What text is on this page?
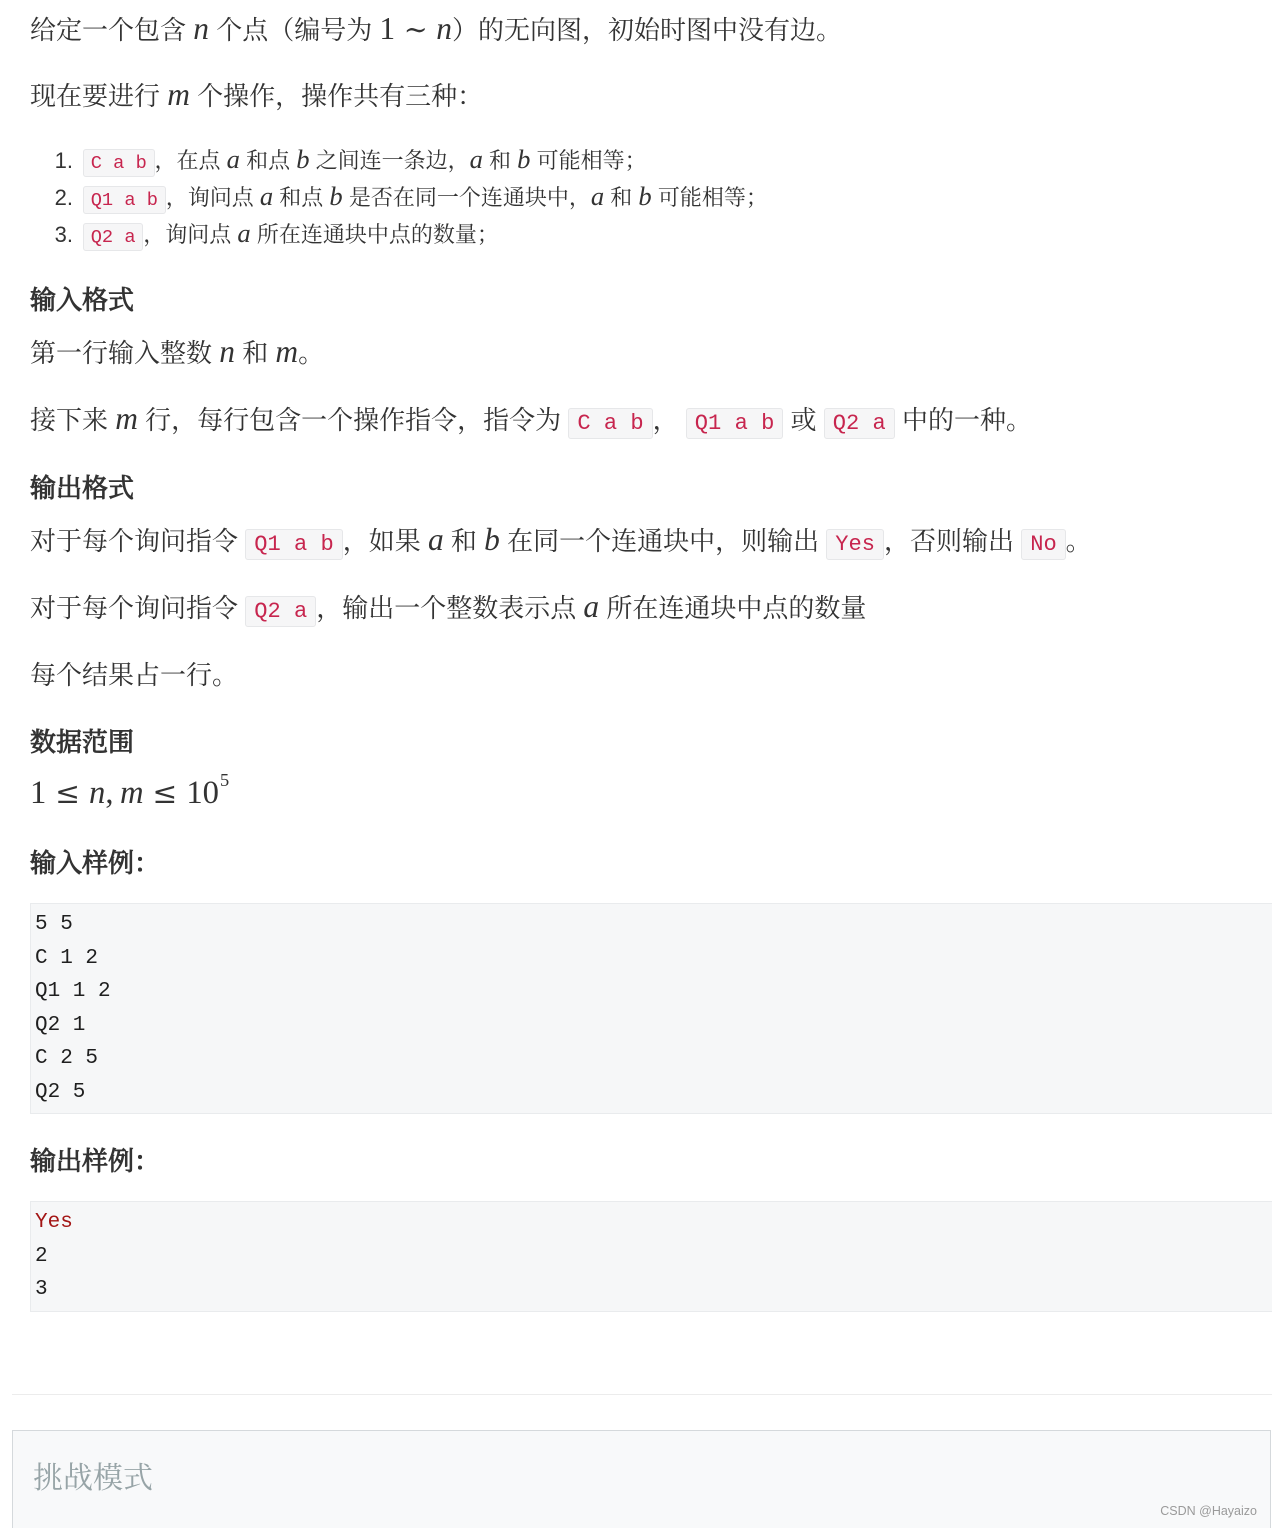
给定一个包含 n 个点（编号为 1 ∼ n）的无向图，初始时图中没有边。

现在要进行 m 个操作，操作共有三种：

1. C a b ，在点 a 和点 b 之间连一条边，a 和 b 可能相等；
2. Q1 a b ，询问点 a 和点 b 是否在同一个连通块中，a 和 b 可能相等；
3. Q2 a ，询问点 a 所在连通块中点的数量；
输入格式

第一行输入整数 n 和 m。

接下来 m 行，每行包含一个操作指令，指令为 C a b ， Q1 a b 或 Q2 a 中的一种。

输出格式

对于每个询问指令 Q1 a b ，如果 a 和 b 在同一个连通块中，则输出 Yes ，否则输出 No 。

对于每个询问指令 Q2 a ，输出一个整数表示点 a 所在连通块中点的数量

每个结果占一行。

数据范围

1 ≤ n, $m \le 10^5$

输入样例：
5 5
C 1 2
Q1 1 2
Q2 1
C 2 5
Q2 5
输出样例：
Yes
2
3
挑战模式
CSDN @Hayaizo
